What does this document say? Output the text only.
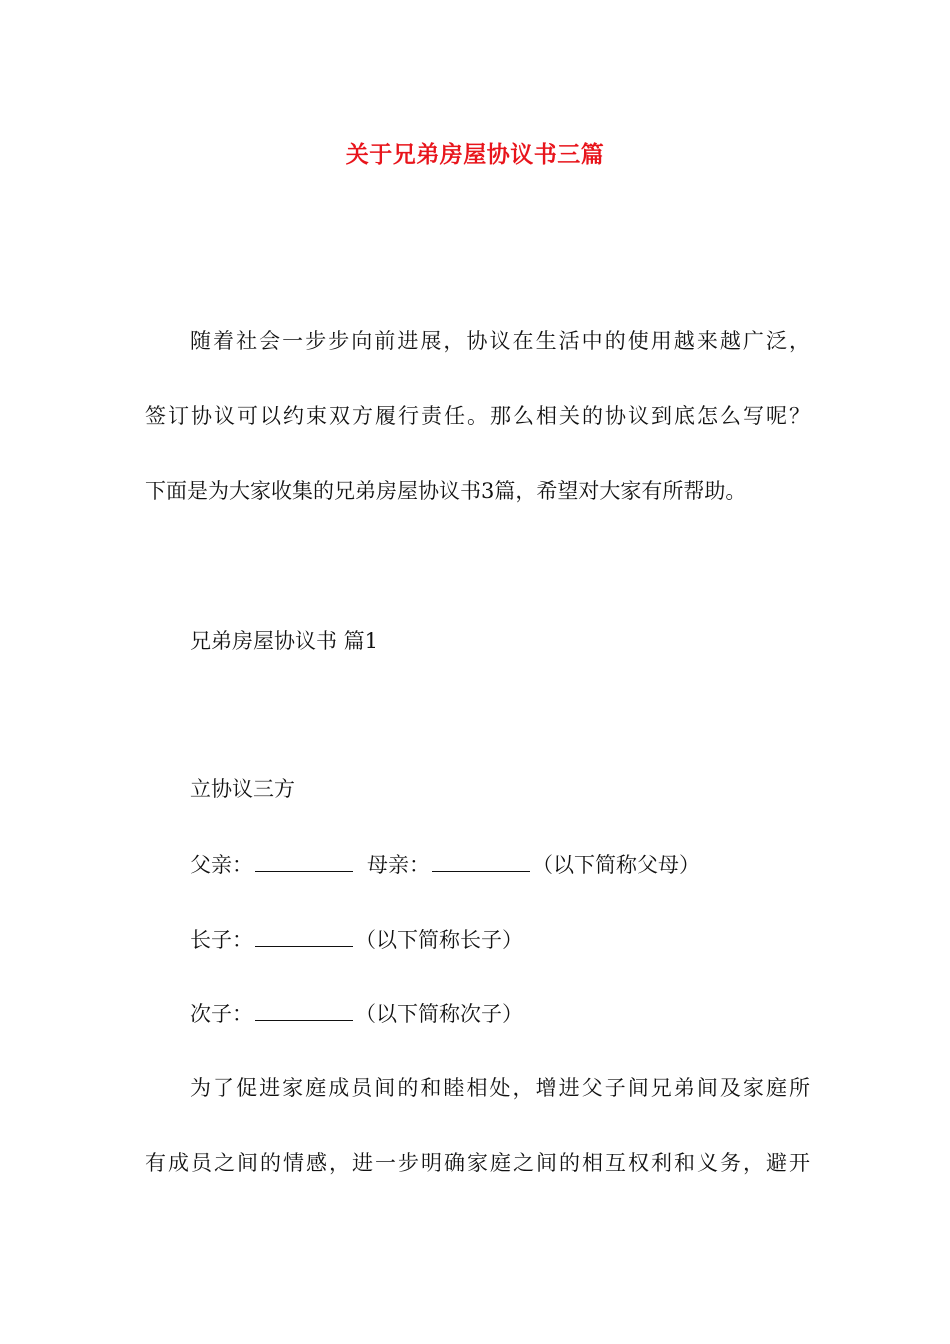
关于兄弟房屋协议书三篇
随着社会一步步向前进展，协议在生活中的使用越来越广泛，
签订协议可以约束双方履行责任。那么相关的协议到底怎么写呢？
下面是为大家收集的兄弟房屋协议书3篇，希望对大家有所帮助。
兄弟房屋协议书 篇1
立协议三方
父亲：	母亲：	（以下简称父母）
长子：	（以下简称长子）
次子：	（以下简称次子）
为了促进家庭成员间的和睦相处，增进父子间兄弟间及家庭所
有成员之间的情感，进一步明确家庭之间的相互权利和义务，避开
